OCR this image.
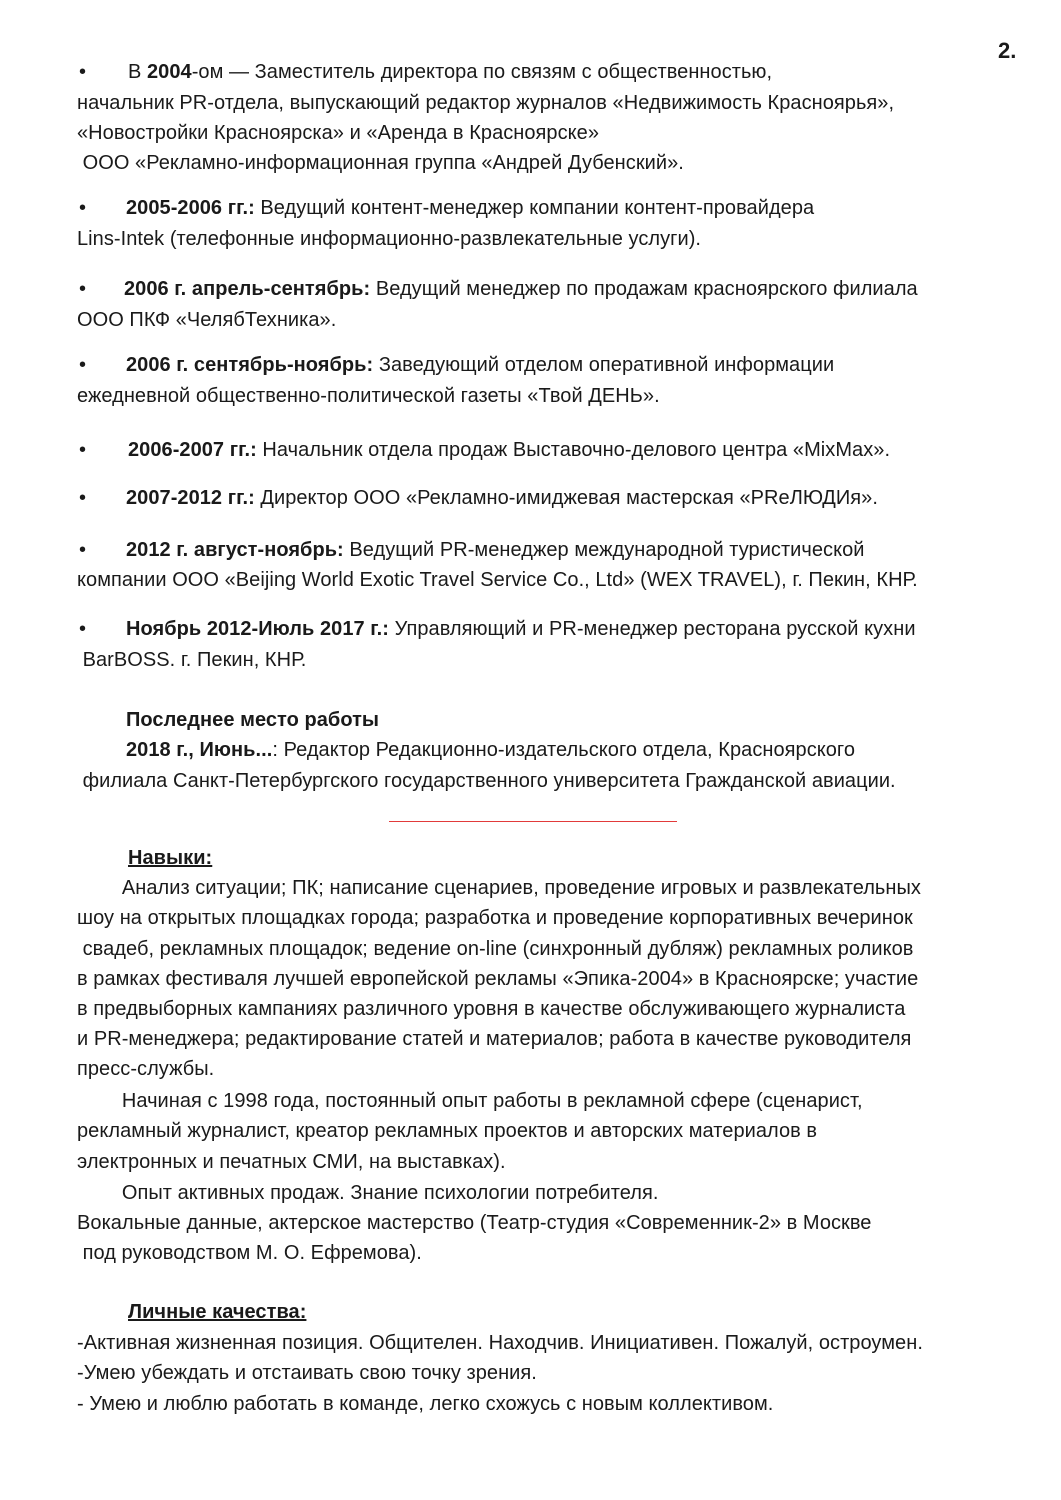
2.
• В 2004-ом — Заместитель директора по связям с общественностью,
начальник PR-отдела, выпускающий редактор журналов «Недвижимость Красноярья»,
«Новостройки Красноярска» и «Аренда в Красноярске»
ООО «Рекламно-информационная группа «Андрей Дубенский».
• 2005-2006 гг.: Ведущий контент-менеджер компании контент-провайдера
Lins-Intek (телефонные информационно-развлекательные услуги).
• 2006 г. апрель-сентябрь: Ведущий менеджер по продажам красноярского филиала
ООО ПКФ «ЧелябТехника».
• 2006 г. сентябрь-ноябрь: Заведующий отделом оперативной информации
ежедневной общественно-политической газеты «Твой ДЕНЬ».
• 2006-2007 гг.: Начальник отдела продаж Выставочно-делового центра «MixMax».
• 2007-2012 гг.: Директор ООО «Рекламно-имиджевая мастерская «PReЛЮДИя».
• 2012 г. август-ноябрь: Ведущий PR-менеджер международной туристической
компании ООО «Beijing World Exotic Travel Service Co., Ltd» (WEX TRAVEL), г. Пекин, КНР.
• Ноябрь 2012-Июль 2017 г.: Управляющий и PR-менеджер ресторана русской кухни
BarBOSS. г. Пекин, КНР.
Последнее место работы
2018 г., Июнь...: Редактор Редакционно-издательского отдела, Красноярского
филиала Санкт-Петербургского государственного университета Гражданской авиации.
Навыки:
Анализ ситуации; ПК; написание сценариев, проведение игровых и развлекательных
шоу на открытых площадках города; разработка и проведение корпоративных вечеринок
свадеб, рекламных площадок; ведение on-line (синхронный дубляж) рекламных роликов
в рамках фестиваля лучшей европейской рекламы «Эпика-2004» в Красноярске; участие
в предвыборных кампаниях различного уровня в качестве обслуживающего журналиста
и PR-менеджера; редактирование статей и материалов; работа в качестве руководителя
пресс-службы.
Начиная с 1998 года, постоянный опыт работы в рекламной сфере (сценарист,
рекламный журналист, креатор рекламных проектов и авторских материалов в
электронных и печатных СМИ, на выставках).
Опыт активных продаж. Знание психологии потребителя.
Вокальные данные, актерское мастерство (Театр-студия «Современник-2» в Москве
под руководством М. О. Ефремова).
Личные качества:
-Активная жизненная позиция. Общителен. Находчив. Инициативен. Пожалуй, остроумен.
-Умею убеждать и отстаивать свою точку зрения.
- Умею и люблю работать в команде, легко схожусь с новым коллективом.
